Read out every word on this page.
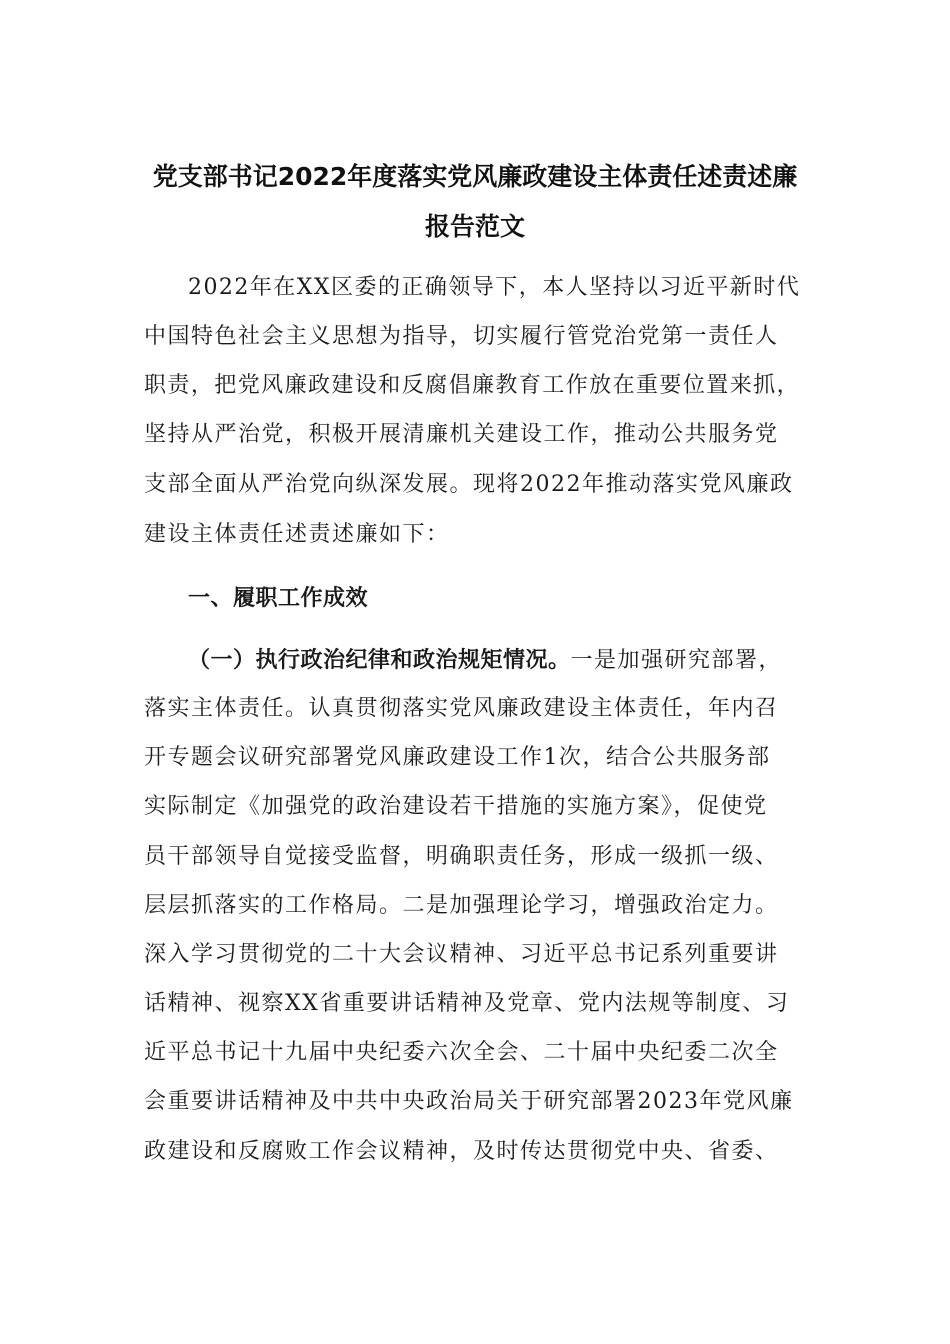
党支部书记2022年度落实党风廉政建设主体责任述责述廉
报告范文
2022年在XX区委的正确领导下，本人坚持以习近平新时代
中国特色社会主义思想为指导，切实履行管党治党第一责任人
职责，把党风廉政建设和反腐倡廉教育工作放在重要位置来抓，
坚持从严治党，积极开展清廉机关建设工作，推动公共服务党
支部全面从严治党向纵深发展。现将2022年推动落实党风廉政
建设主体责任述责述廉如下：
一、履职工作成效
（一）执行政治纪律和政治规矩情况。一是加强研究部署，
落实主体责任。认真贯彻落实党风廉政建设主体责任，年内召
开专题会议研究部署党风廉政建设工作1次，结合公共服务部
实际制定《加强党的政治建设若干措施的实施方案》，促使党
员干部领导自觉接受监督，明确职责任务，形成一级抓一级、
层层抓落实的工作格局。二是加强理论学习，增强政治定力。
深入学习贯彻党的二十大会议精神、习近平总书记系列重要讲
话精神、视察XX省重要讲话精神及党章、党内法规等制度、习
近平总书记十九届中央纪委六次全会、二十届中央纪委二次全
会重要讲话精神及中共中央政治局关于研究部署2023年党风廉
政建设和反腐败工作会议精神，及时传达贯彻党中央、省委、
